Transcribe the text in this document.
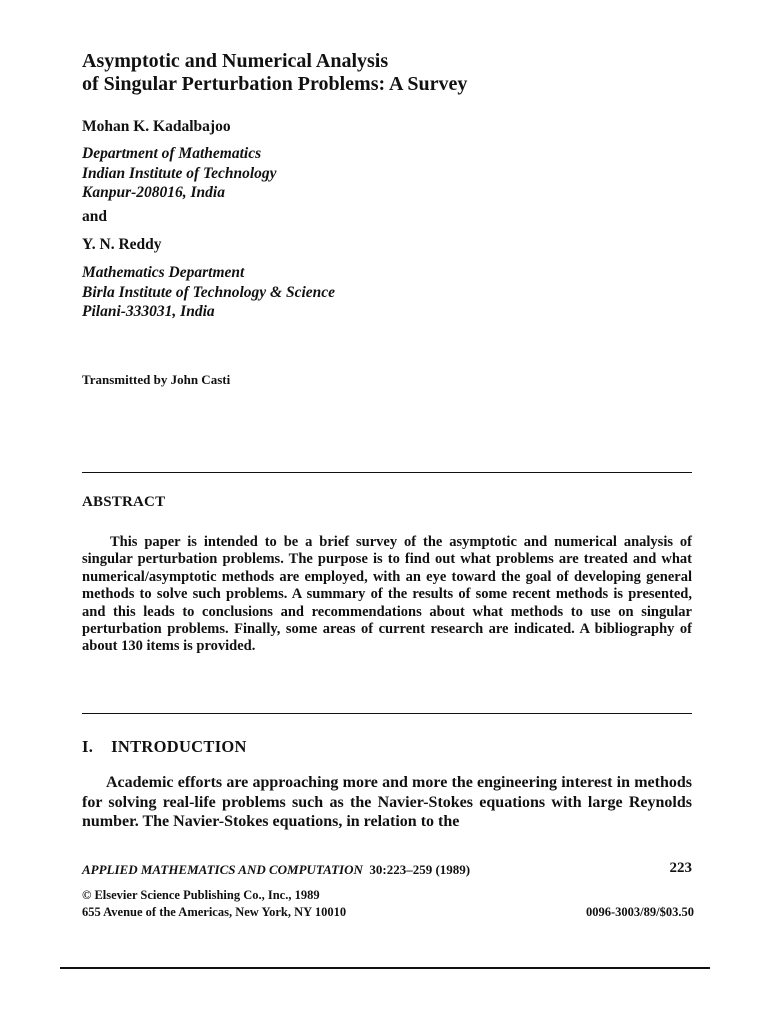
Asymptotic and Numerical Analysis
of Singular Perturbation Problems: A Survey
Mohan K. Kadalbajoo
Department of Mathematics
Indian Institute of Technology
Kanpur-208016, India
and
Y. N. Reddy
Mathematics Department
Birla Institute of Technology & Science
Pilani-333031, India
Transmitted by John Casti
ABSTRACT

This paper is intended to be a brief survey of the asymptotic and numerical analysis of singular perturbation problems. The purpose is to find out what problems are treated and what numerical/asymptotic methods are employed, with an eye toward the goal of developing general methods to solve such problems. A summary of the results of some recent methods is presented, and this leads to conclusions and recommendations about what methods to use on singular perturbation problems. Finally, some areas of current research are indicated. A bibliography of about 130 items is provided.

I. INTRODUCTION

Academic efforts are approaching more and more the engineering interest in methods for solving real-life problems such as the Navier-Stokes equations with large Reynolds number. The Navier-Stokes equations, in relation to the

APPLIED MATHEMATICS AND COMPUTATION 30:223–259 (1989)	223
© Elsevier Science Publishing Co., Inc., 1989
655 Avenue of the Americas, New York, NY 10010	0096-3003/89/$03.50
